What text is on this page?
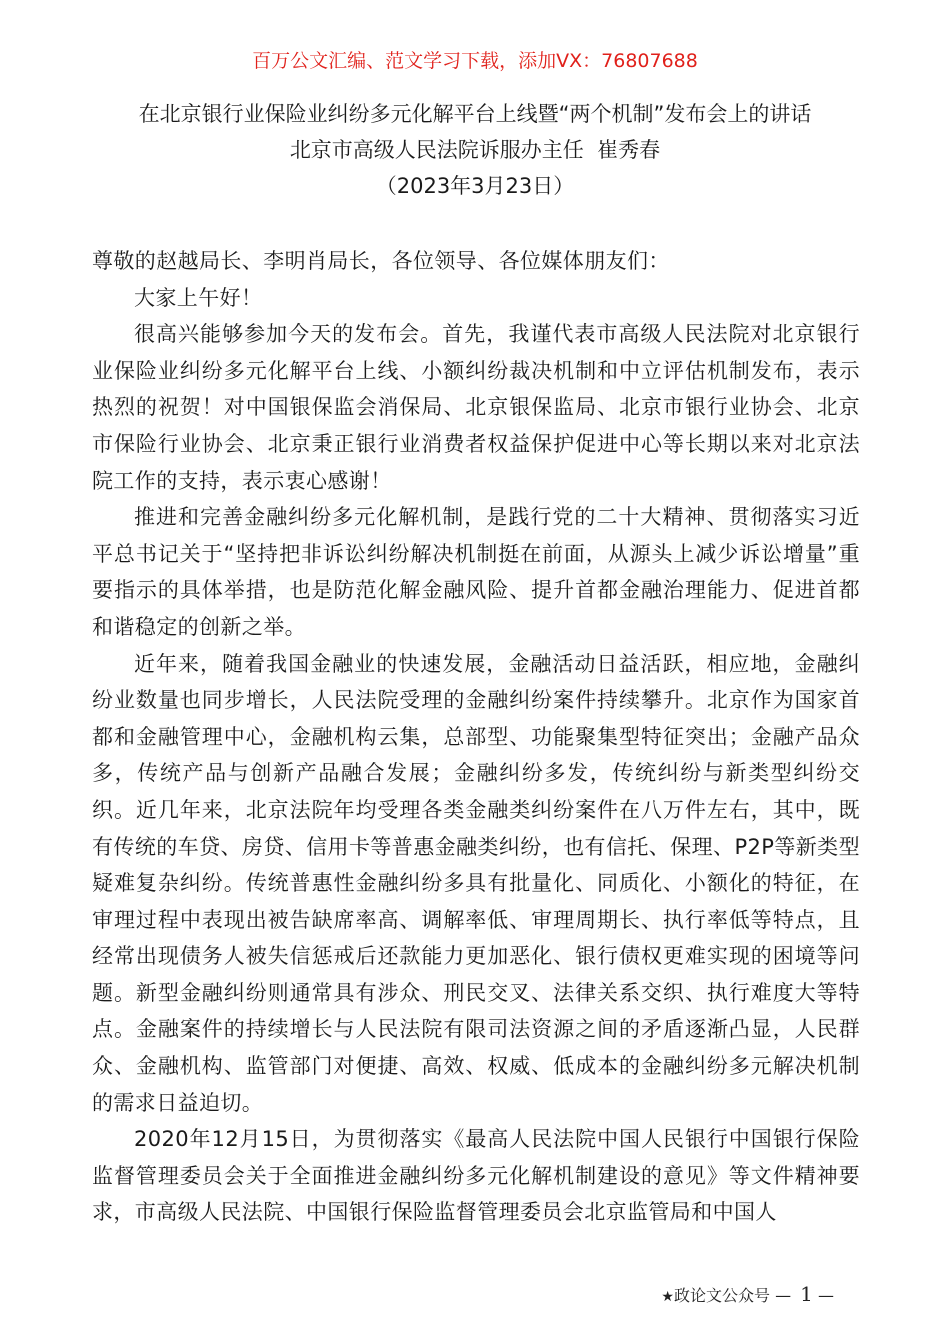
百万公文汇编、范文学习下载，添加VX：76807688
在北京银行业保险业纠纷多元化解平台上线暨“两个机制”发布会上的讲话
北京市高级人民法院诉服办主任  崔秀春
（2023年3月23日）

尊敬的赵越局长、李明肖局长，各位领导、各位媒体朋友们：

大家上午好！

很高兴能够参加今天的发布会。首先，我谨代表市高级人民法院对北京银行业保险业纠纷多元化解平台上线、小额纠纷裁决机制和中立评估机制发布，表示热烈的祝贺！对中国银保监会消保局、北京银保监局、北京市银行业协会、北京市保险行业协会、北京秉正银行业消费者权益保护促进中心等长期以来对北京法院工作的支持，表示衷心感谢！

推进和完善金融纠纷多元化解机制，是践行党的二十大精神、贯彻落实习近平总书记关于“坚持把非诉讼纠纷解决机制挺在前面，从源头上减少诉讼增量”重要指示的具体举措，也是防范化解金融风险、提升首都金融治理能力、促进首都和谐稳定的创新之举。

近年来，随着我国金融业的快速发展，金融活动日益活跃，相应地，金融纠纷业数量也同步增长，人民法院受理的金融纠纷案件持续攀升。北京作为国家首都和金融管理中心，金融机构云集，总部型、功能聚集型特征突出；金融产品众多，传统产品与创新产品融合发展；金融纠纷多发，传统纠纷与新类型纠纷交织。近几年来，北京法院年均受理各类金融类纠纷案件在八万件左右，其中，既有传统的车贷、房贷、信用卡等普惠金融类纠纷，也有信托、保理、P2P等新类型疑难复杂纠纷。传统普惠性金融纠纷多具有批量化、同质化、小额化的特征，在审理过程中表现出被告缺席率高、调解率低、审理周期长、执行率低等特点，且经常出现债务人被失信惩戒后还款能力更加恶化、银行债权更难实现的困境等问题。新型金融纠纷则通常具有涉众、刑民交叉、法律关系交织、执行难度大等特点。金融案件的持续增长与人民法院有限司法资源之间的矛盾逐渐凸显，人民群众、金融机构、监管部门对便捷、高效、权威、低成本的金融纠纷多元解决机制的需求日益迫切。

2020年12月15日，为贯彻落实《最高人民法院中国人民银行中国银行保险监督管理委员会关于全面推进金融纠纷多元化解机制建设的意见》等文件精神要求，市高级人民法院、中国银行保险监督管理委员会北京监管局和中国人

★政论文公众号 — 1 —
